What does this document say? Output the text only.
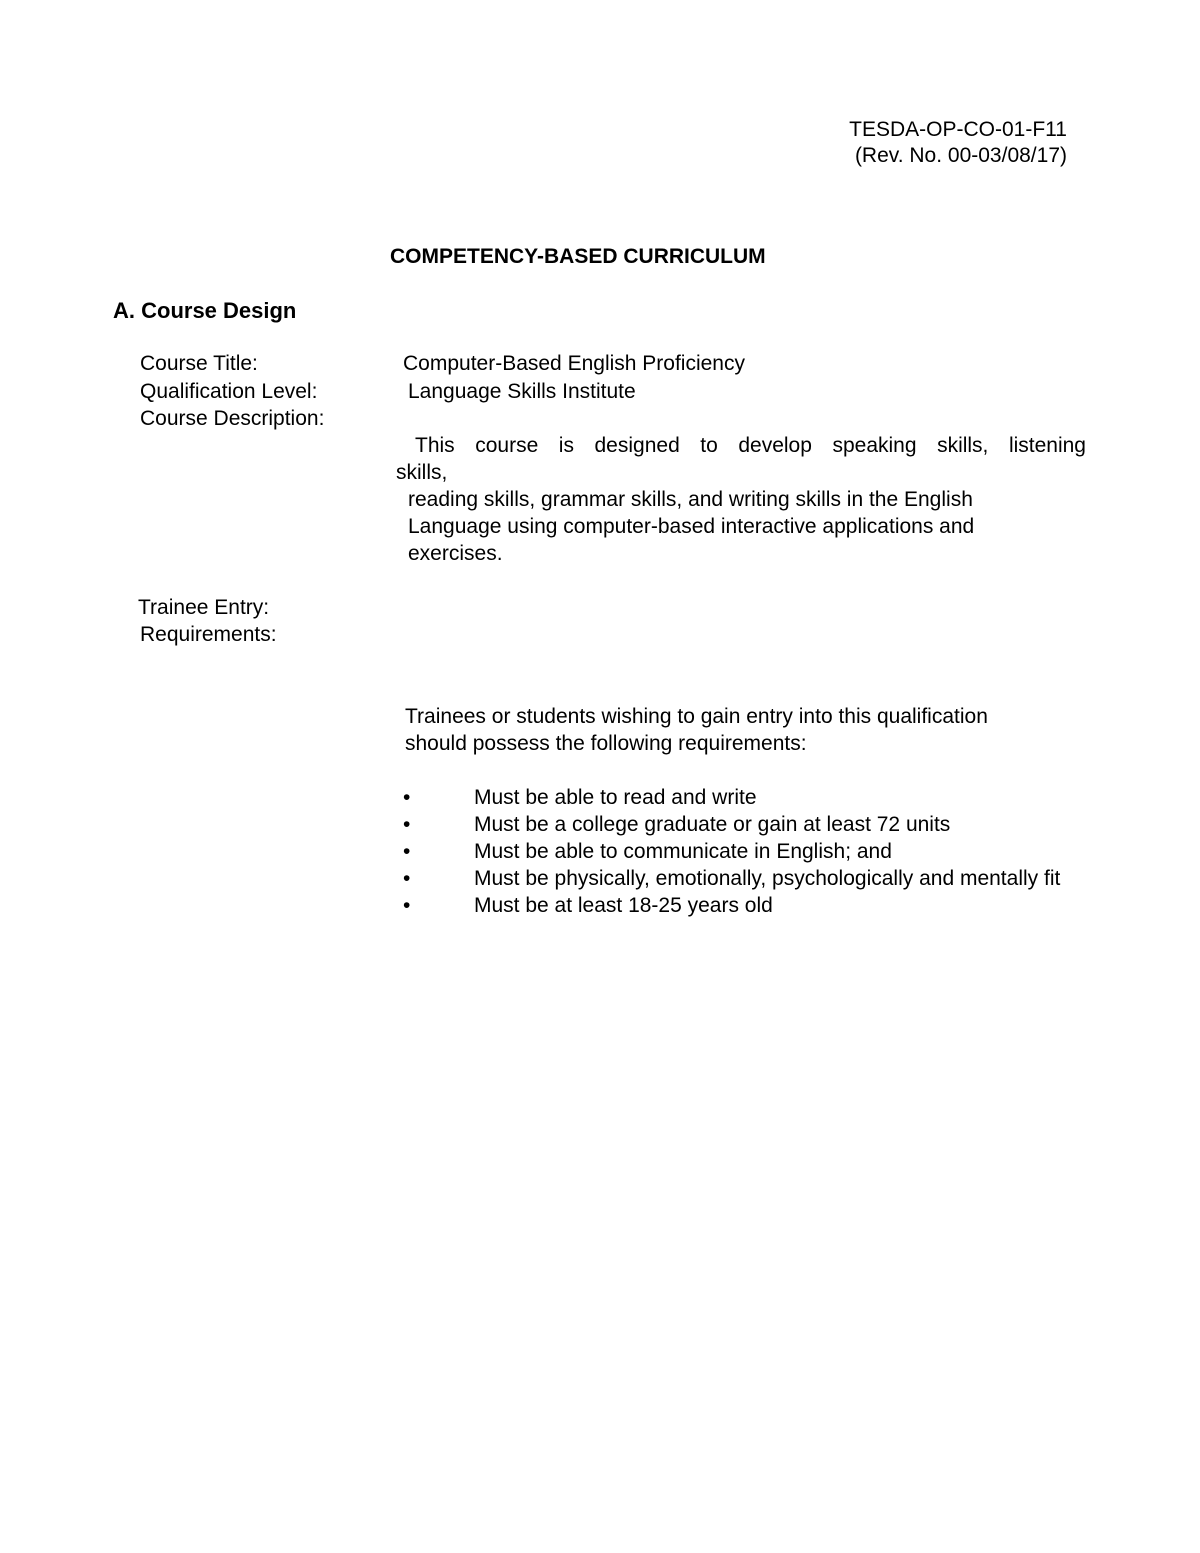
TESDA-OP-CO-01-F11
(Rev. No. 00-03/08/17)
COMPETENCY-BASED CURRICULUM
A. Course Design
Course Title:	Computer-Based English Proficiency
Qualification Level:	Language Skills Institute
Course Description:
This course is designed to develop speaking skills, listening
skills,
reading skills, grammar skills, and writing skills in the English
Language using computer-based interactive applications and
exercises.
Trainee Entry:
Requirements:
Trainees or students wishing to gain entry into this qualification
should possess the following requirements:
•	Must be able to read and write
•	Must be a college graduate or gain at least 72 units
•	Must be able to communicate in English; and
•	Must be physically, emotionally, psychologically and mentally fit
•	Must be at least 18-25 years old
